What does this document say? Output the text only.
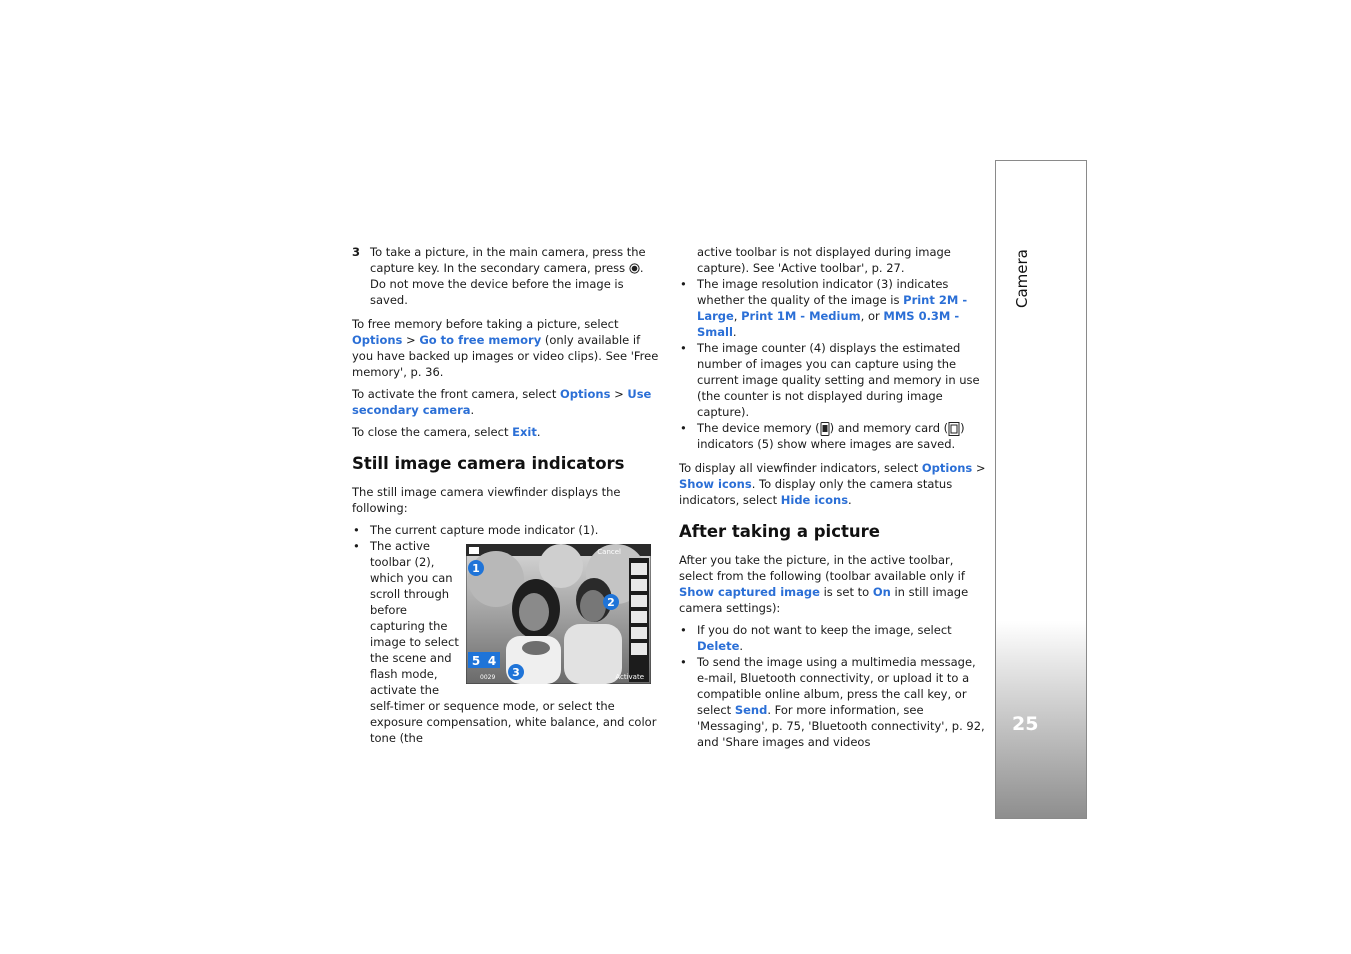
3 To take a picture, in the main camera, press the capture key. In the secondary camera, press . Do not move the device before the image is saved.

To free memory before taking a picture, select Options > Go to free memory (only available if you have backed up images or video clips). See 'Free memory', p. 36.

To activate the front camera, select Options > Use secondary camera.

To close the camera, select Exit.

Still image camera indicators

The still image camera viewfinder displays the following:

• The current capture mode indicator (1).
• Cancel
Activate
0029
1
2
3
4
5
The active toolbar (2), which you can scroll through before capturing the image to select the scene and flash mode, activate the self-timer or sequence mode, or select the exposure compensation, white balance, and color tone (the

active toolbar is not displayed during image capture). See 'Active toolbar', p. 27.

• The image resolution indicator (3) indicates whether the quality of the image is Print 2M - Large, Print 1M - Medium, or MMS 0.3M - Small.
• The image counter (4) displays the estimated number of images you can capture using the current image quality setting and memory in use (the counter is not displayed during image capture).
• The device memory ( ) and memory card ( ) indicators (5) show where images are saved.

To display all viewfinder indicators, select Options > Show icons. To display only the camera status indicators, select Hide icons.

After taking a picture

After you take the picture, in the active toolbar, select from the following (toolbar available only if Show captured image is set to On in still image camera settings):

• If you do not want to keep the image, select Delete.
• To send the image using a multimedia message, e-mail, Bluetooth connectivity, or upload it to a compatible online album, press the call key, or select Send. For more information, see 'Messaging', p. 75, 'Bluetooth connectivity', p. 92, and 'Share images and videos
Camera
25
